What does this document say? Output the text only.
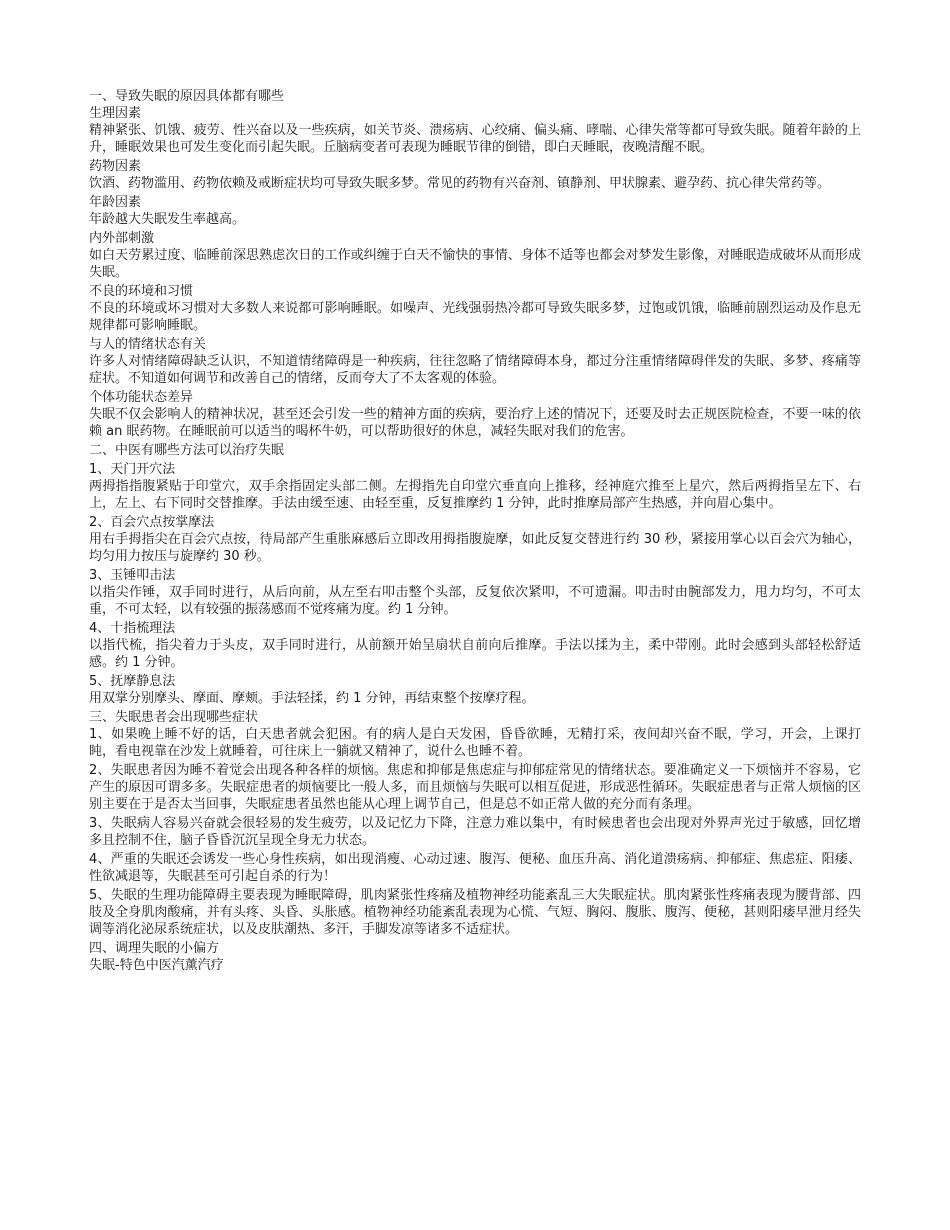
一、导致失眠的原因具体都有哪些

生理因素

精神紧张、饥饿、疲劳、性兴奋以及一些疾病，如关节炎、溃疡病、心绞痛、偏头痛、哮喘、心律失常等都可导致失眠。随着年龄的上升，睡眠效果也可发生变化而引起失眠。丘脑病变者可表现为睡眠节律的倒错，即白天睡眠，夜晚清醒不眠。

药物因素

饮酒、药物滥用、药物依赖及戒断症状均可导致失眠多梦。常见的药物有兴奋剂、镇静剂、甲状腺素、避孕药、抗心律失常药等。

年龄因素

年龄越大失眠发生率越高。

内外部刺激

如白天劳累过度、临睡前深思熟虑次日的工作或纠缠于白天不愉快的事情、身体不适等也都会对梦发生影像，对睡眠造成破坏从而形成失眠。

不良的环境和习惯

不良的环境或坏习惯对大多数人来说都可影响睡眠。如噪声、光线强弱热冷都可导致失眠多梦，过饱或饥饿，临睡前剧烈运动及作息无规律都可影响睡眠。

与人的情绪状态有关

许多人对情绪障碍缺乏认识，不知道情绪障碍是一种疾病，往往忽略了情绪障碍本身，都过分注重情绪障碍伴发的失眠、多梦、疼痛等症状。不知道如何调节和改善自己的情绪，反而夸大了不太客观的体验。

个体功能状态差异

失眠不仅会影响人的精神状况，甚至还会引发一些的精神方面的疾病，要治疗上述的情况下，还要及时去正规医院检查，不要一味的依赖 an 眠药物。在睡眠前可以适当的喝杯牛奶，可以帮助很好的休息，减轻失眠对我们的危害。

二、中医有哪些方法可以治疗失眠

1、天门开穴法

两拇指指腹紧贴于印堂穴，双手余指固定头部二侧。左拇指先自印堂穴垂直向上推移，经神庭穴推至上星穴，然后两拇指呈左下、右上，左上、右下同时交替推摩。手法由缓至速、由轻至重，反复推摩约 1 分钟，此时推摩局部产生热感，并向眉心集中。

2、百会穴点按掌摩法

用右手拇指尖在百会穴点按，待局部产生重胀麻感后立即改用拇指腹旋摩，如此反复交替进行约 30 秒，紧接用掌心以百会穴为轴心，均匀用力按压与旋摩约 30 秒。

3、玉锤叩击法

以指尖作锤，双手同时进行，从后向前，从左至右叩击整个头部，反复依次紧叩，不可遗漏。叩击时由腕部发力，甩力均匀，不可太重，不可太轻，以有较强的振荡感而不觉疼痛为度。约 1 分钟。

4、十指梳理法

以指代梳，指尖着力于头皮，双手同时进行，从前额开始呈扇状自前向后推摩。手法以揉为主，柔中带刚。此时会感到头部轻松舒适感。约 1 分钟。

5、抚摩静息法

用双掌分别摩头、摩面、摩颊。手法轻揉，约 1 分钟，再结束整个按摩疗程。

三、失眠患者会出现哪些症状

1、如果晚上睡不好的话，白天患者就会犯困。有的病人是白天发困，昏昏欲睡，无精打采，夜间却兴奋不眠，学习，开会，上课打盹，看电视靠在沙发上就睡着，可往床上一躺就又精神了，说什么也睡不着。

2、失眠患者因为睡不着觉会出现各种各样的烦恼。焦虑和抑郁是焦虑症与抑郁症常见的情绪状态。要准确定义一下烦恼并不容易，它产生的原因可谓多多。失眠症患者的烦恼要比一般人多，而且烦恼与失眠可以相互促进，形成恶性循环。失眠症患者与正常人烦恼的区别主要在于是否太当回事，失眠症患者虽然也能从心理上调节自己，但是总不如正常人做的充分而有条理。

3、失眠病人容易兴奋就会很轻易的发生疲劳，以及记忆力下降，注意力难以集中，有时候患者也会出现对外界声光过于敏感，回忆增多且控制不住，脑子昏昏沉沉呈现全身无力状态。

4、严重的失眠还会诱发一些心身性疾病，如出现消瘦、心动过速、腹泻、便秘、血压升高、消化道溃疡病、抑郁症、焦虑症、阳痿、性欲减退等，失眠甚至可引起自杀的行为！

5、失眠的生理功能障碍主要表现为睡眠障碍，肌肉紧张性疼痛及植物神经功能紊乱三大失眠症状。肌肉紧张性疼痛表现为腰背部、四肢及全身肌肉酸痛，并有头疼、头昏、头胀感。植物神经功能紊乱表现为心慌、气短、胸闷、腹胀、腹泻、便秘，甚则阳痿早泄月经失调等消化泌尿系统症状，以及皮肤潮热、多汗，手脚发凉等诸多不适症状。

四、调理失眠的小偏方

失眠-特色中医汽薰汽疗
